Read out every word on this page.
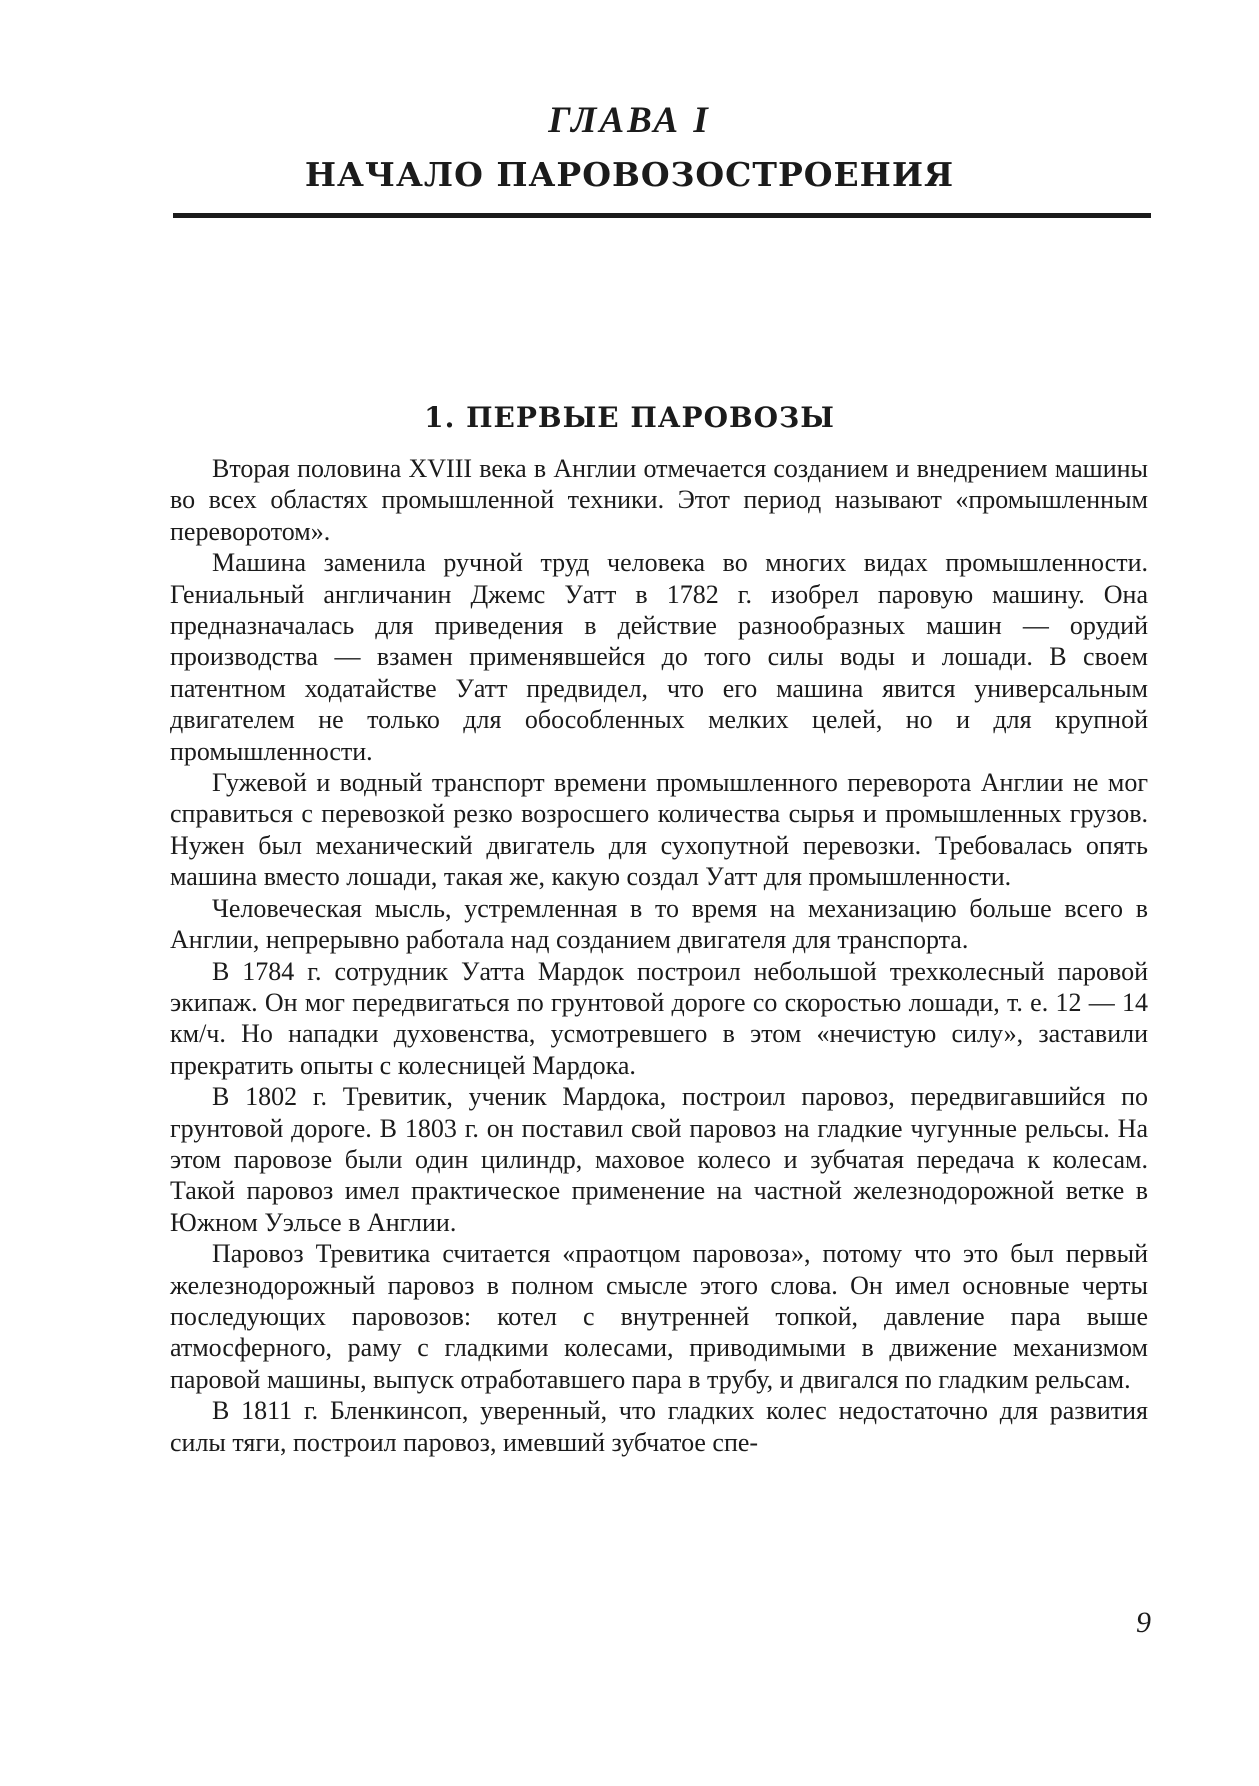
ГЛАВА I
НАЧАЛО ПАРОВОЗОСТРОЕНИЯ
1. ПЕРВЫЕ ПАРОВОЗЫ

Вторая половина XVIII века в Англии отмечается созданием и внедрением машины во всех областях промышленной техники. Этот период называют «промышленным переворотом».

Машина заменила ручной труд человека во многих видах промышленности. Гениальный англичанин Джемс Уатт в 1782 г. изобрел паровую машину. Она предназначалась для приведения в действие разнообразных машин — орудий производства — взамен применявшейся до того силы воды и лошади. В своем патентном ходатайстве Уатт предвидел, что его машина явится универсальным двигателем не только для обособленных мелких целей, но и для крупной промышленности.

Гужевой и водный транспорт времени промышленного переворота Англии не мог справиться с перевозкой резко возросшего количества сырья и промышленных грузов. Нужен был механический двигатель для сухопутной перевозки. Требовалась опять машина вместо лошади, такая же, какую создал Уатт для промышленности.

Человеческая мысль, устремленная в то время на механизацию больше всего в Англии, непрерывно работала над созданием двигателя для транспорта.

В 1784 г. сотрудник Уатта Мардок построил небольшой трехколесный паровой экипаж. Он мог передвигаться по грунтовой дороге со скоростью лошади, т. е. 12 — 14 км/ч. Но нападки духовенства, усмотревшего в этом «нечистую силу», заставили прекратить опыты с колесницей Мардока.

В 1802 г. Тревитик, ученик Мардока, построил паровоз, передвигавшийся по грунтовой дороге. В 1803 г. он поставил свой паровоз на гладкие чугунные рельсы. На этом паровозе были один цилиндр, маховое колесо и зубчатая передача к колесам. Такой паровоз имел практическое применение на частной железнодорожной ветке в Южном Уэльсе в Англии.

Паровоз Тревитика считается «праотцом паровоза», потому что это был первый железнодорожный паровоз в полном смысле этого слова. Он имел основные черты последующих паровозов: котел с внутренней топкой, давление пара выше атмосферного, раму с гладкими колесами, приводимыми в движение механизмом паровой машины, выпуск отработавшего пара в трубу, и двигался по гладким рельсам.

В 1811 г. Бленкинсоп, уверенный, что гладких колес недостаточно для развития силы тяги, построил паровоз, имевший зубчатое спе-

9
